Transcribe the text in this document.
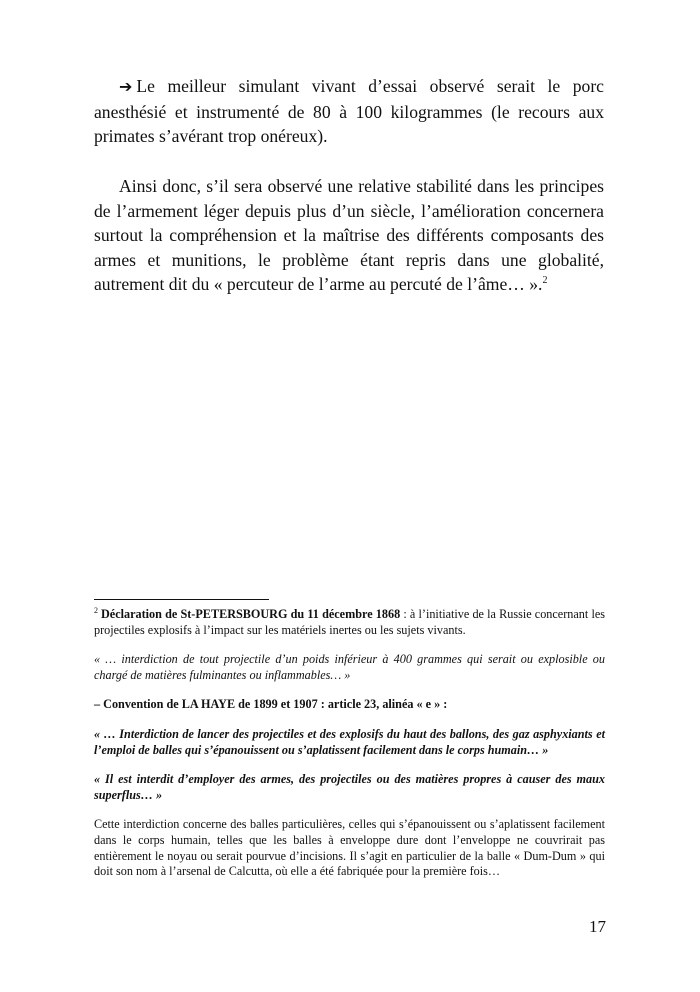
➔ Le meilleur simulant vivant d’essai observé serait le porc anesthésié et instrumenté de 80 à 100 kilogrammes (le recours aux primates s’avérant trop onéreux).

Ainsi donc, s’il sera observé une relative stabilité dans les principes de l’armement léger depuis plus d’un siècle, l’amélioration concernera surtout la compréhension et la maîtrise des différents composants des armes et munitions, le problème étant repris dans une globalité, autrement dit du « percuteur de l’arme au percuté de l’âme… ».$^2$

$^2$ Déclaration de St-PETERSBOURG du 11 décembre 1868 : à l’initiative de la Russie concernant les projectiles explosifs à l’impact sur les matériels inertes ou les sujets vivants.

« … interdiction de tout projectile d’un poids inférieur à 400 grammes qui serait ou explosible ou chargé de matières fulminantes ou inflammables… »

– Convention de LA HAYE de 1899 et 1907 : article 23, alinéa « e » :

« … Interdiction de lancer des projectiles et des explosifs du haut des ballons, des gaz asphyxiants et l’emploi de balles qui s’épanouissent ou s’aplatissent facilement dans le corps humain… »

« Il est interdit d’employer des armes, des projectiles ou des matières propres à causer des maux superflus… »

Cette interdiction concerne des balles particulières, celles qui s’épanouissent ou s’aplatissent facilement dans le corps humain, telles que les balles à enveloppe dure dont l’enveloppe ne couvrirait pas entièrement le noyau ou serait pourvue d’incisions. Il s’agit en particulier de la balle « Dum-Dum » qui doit son nom à l’arsenal de Calcutta, où elle a été fabriquée pour la première fois…

17
